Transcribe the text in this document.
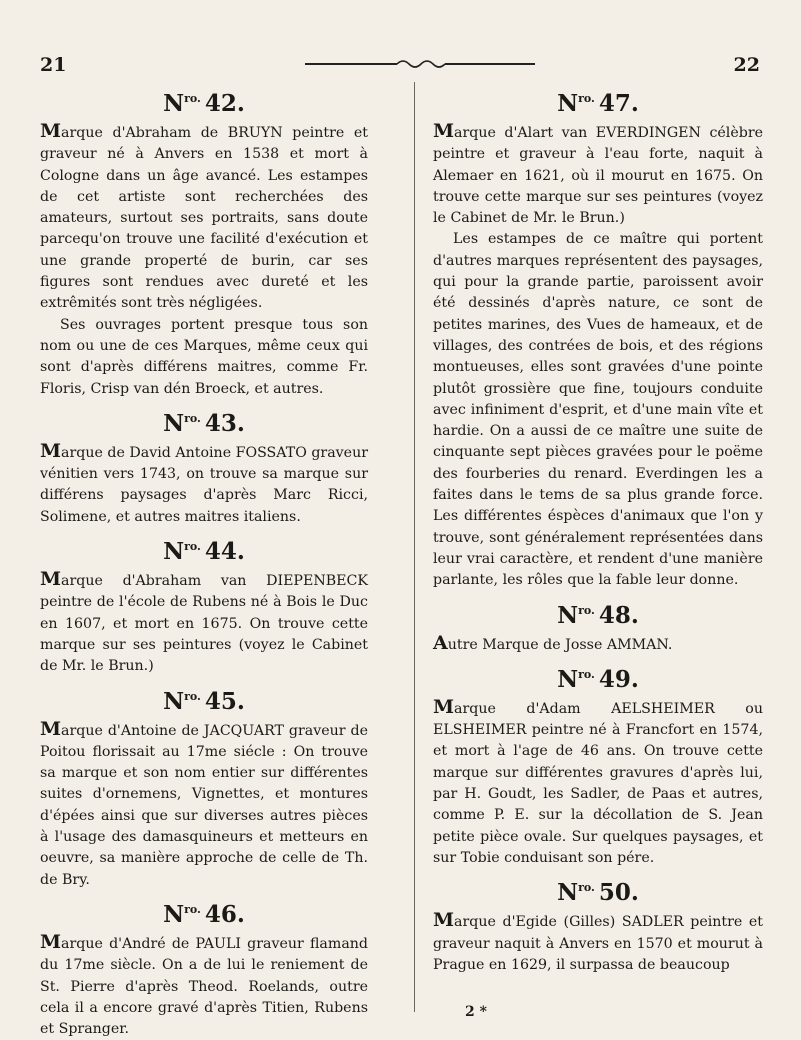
21	22
$N^{ro.}$ 42.

Marque d'Abraham de BRUYN peintre et graveur né à Anvers en 1538 et mort à Cologne dans un âge avancé. Les estampes de cet artiste sont recherchées des amateurs, surtout ses portraits, sans doute parcequ'on trouve une facilité d'exécution et une grande properté de burin, car ses figures sont rendues avec dureté et les extrêmités sont très négligées.

Ses ouvrages portent presque tous son nom ou une de ces Marques, même ceux qui sont d'après différens maitres, comme Fr. Floris, Crisp van dén Broeck, et autres.

$N^{ro.}$ 43.

Marque de David Antoine FOSSATO graveur vénitien vers 1743, on trouve sa marque sur différens paysages d'après Marc Ricci, Solimene, et autres maitres italiens.

$N^{ro.}$ 44.

Marque d'Abraham van DIEPENBECK peintre de l'école de Rubens né à Bois le Duc en 1607, et mort en 1675. On trouve cette marque sur ses peintures (voyez le Cabinet de Mr. le Brun.)

$N^{ro.}$ 45.

Marque d'Antoine de JACQUART graveur de Poitou florissait au 17me siécle : On trouve sa marque et son nom entier sur différentes suites d'ornemens, Vignettes, et montures d'épées ainsi que sur diverses autres pièces à l'usage des damasquineurs et metteurs en oeuvre, sa manière approche de celle de Th. de Bry.

$N^{ro.}$ 46.

Marque d'André de PAULI graveur flamand du 17me siècle. On a de lui le reniement de St. Pierre d'après Theod. Roelands, outre cela il a encore gravé d'après Titien, Rubens et Spranger.

$N^{ro.}$ 47.

Marque d'Alart van EVERDINGEN célèbre peintre et graveur à l'eau forte, naquit à Alemaer en 1621, où il mourut en 1675. On trouve cette marque sur ses peintures (voyez le Cabinet de Mr. le Brun.)

Les estampes de ce maître qui portent d'autres marques représentent des paysages, qui pour la grande partie, paroissent avoir été dessinés d'après nature, ce sont de petites marines, des Vues de hameaux, et de villages, des contrées de bois, et des régions montueuses, elles sont gravées d'une pointe plutôt grossière que fine, toujours conduite avec infiniment d'esprit, et d'une main vîte et hardie. On a aussi de ce maître une suite de cinquante sept pièces gravées pour le poëme des fourberies du renard. Everdingen les a faites dans le tems de sa plus grande force. Les différentes éspèces d'animaux que l'on y trouve, sont généralement représentées dans leur vrai caractère, et rendent d'une manière parlante, les rôles que la fable leur donne.

$N^{ro.}$ 48.

Autre Marque de Josse AMMAN.

$N^{ro.}$ 49.

Marque d'Adam AELSHEIMER ou ELSHEIMER peintre né à Francfort en 1574, et mort à l'age de 46 ans. On trouve cette marque sur différentes gravures d'après lui, par H. Goudt, les Sadler, de Paas et autres, comme P. E. sur la décollation de S. Jean petite pièce ovale. Sur quelques paysages, et sur Tobie conduisant son pére.

$N^{ro.}$ 50.

Marque d'Egide (Gilles) SADLER peintre et graveur naquit à Anvers en 1570 et mourut à Prague en 1629, il surpassa de beaucoup

2 *
